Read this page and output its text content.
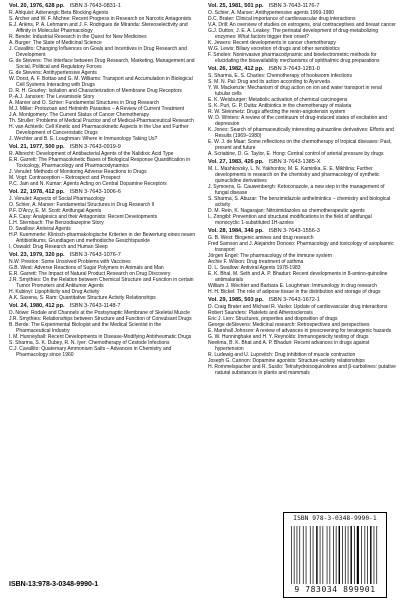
Vol. 20, 1976, 628 pp. ISBN 3-7643-0831-1
R. Ahlquist: Adrenergic Beta Blocking Agents
S. Archer and W. F. Michne: Recent Progress in Research on Narcotic Antagonists
E.J. Ariëns, P. A. Lehmann and J. F. Rodrigues de Miranda: Stereoselectivity and Affinity in Molecular Pharmacology
R. Bende: Industrial Research in the Quest for New Medicines
A. Burger: The State of Medicinal Science
J. Cavallito: Changing Influences on Goals and Incentives in Drug Research and Development
G. de Stevens: The Interface between Drug Research, Marketing, Management and Social, Political and Regulatory Forces
G. de Stevens: Antihypertensive Agents
W. Dorst, A. F. Bottao and G. M. Williams: Transport and Accumulation in Biological Cell Systems Interacting with Drugs
D. R. H. Gourley: Isolation and Characterization of Membrane Drug Receptors
P.-A.J. Janssen: The Levamisole Story
A. Marxer and O. Schier: Fundamental Structures in Drug Research
M.J. Miller: Protozoan and Helminth Parasites – A Review of Current Treatment
J.A. Montgomery: The Current Status of Cancer Chemotherapy
Th. Struller: Problems of Medical Practice and of Medical-Pharmaceutical Research
H. van Achterik: Cell Kinetic and Pharmacokinetic Aspects in the Use and Further Development of Cancerostatic Drugs
J. Wechter and B. E. Loughman: Where in Immunology Taking Us?
Vol. 21, 1977, 500 pp. ISBN 3-7643-0919-9
R. Albrecht: Development of Antibacterial Agents of the Nalidixic Acid Type
E.R. Garrett: The Pharmacokinetic Bases of Biological Response Quantification in Toxicology, Pharmacology and Pharmacodynamics
J. Venulet: Methods of Monitoring Adverse Reactions to Drugs
M. Vogt: Contraception – Retrospect and Prospect
P.C. Jain and N. Kumar: Agents Acting on Central Dopamine Receptors
Vol. 22, 1978, 412 pp. ISBN 3-7643-1006-6
J. Venulet: Aspects of Social Pharmacology
O. Schier, A. Marxer: Fundamental Structures in Drug Research II
P.F. D'Arcy, E. M. Scott: Antifungal Agents
A.F. Casy: Analgesics and their Antagonists: Recent Developments
L.H. Sternbach: The Benzodiazepine Story
D. Swallow: Antiviral Agents
H.P. Kuemmerle: Klinisch-pharmakologische Kriterien in der Bewertung eines neuen Antibiotikums. Grundlagen und methodische Gesichtspunkte
I. Oswald: Drug Research and Human Sleep
Vol. 23, 1979, 320 pp. ISBN 3-7643-1076-7
N.W. Preston: Some Unsolved Problems with Vaccines
G.B. West: Adverse Reactions of Sugar Polymers in Animals and Man
E.R. Garrett: The Impact of Natural Product Research on Drug Discovery
J.R. Smythies: On the Relation between Chemical Structure and Function in certain Tumor Promoters and Antitumor Agents
H. Kubinyi: Lipophilicity and Drug Activity
A.K. Saxena, S. Ram: Quantitative Structure Activity Relationships
Vol. 24, 1980, 412 pp. ISBN 3-7643-1148-7
D. Nowe: Rodale and Channels at the Postsynaptic Membrane of Skeletal Muscle
J.R. Smythies: Relationships between Structure and Function of Convulsant Drugs
B. Berde: The Experimental Biologist and the Medical Scientist in the Pharmaceutical Industry
I. M. Hunneyball: Recent Developments in Disease-Modifying Antirheumatic Drugs
S. Sharma, S. K. Dubey, R. N. Iyer: Chemotherapy of Cestode Infections
C.J. Cavallito: Quaternary Ammonium Salts – Advances in Chemistry and Pharmacology since 1960
Vol. 25, 1981, 501 pp. ISBN 3-7643-1176-7
O. Schier, A. Marxer: Antihypertensive agents 1969-1980
D.C. Brater: Clinical importance of cardiovascular drug interactions
V.A. Drill: An overview of studies on estrogens, oral contraceptives and breast cancer
G.J. Dutton, J. E. A. Leakey: The perinatal development of drug-metabolizing enzymes: What factors trigger their onset?
K. Jewers: Recent developments in cancer chemotherapy
W.G. Lewis: Biliary excretion of drugs and other xenobiotics
F. Smolen: Noninvasive pharmacodynamic and bioelectrometric methods for elucidating the bioavailability mechanisms of ophthalmic drug preparations
Vol. 26, 1982, 412 pp. ISBN 3-7643-1281-0
S. Sharma, E. S. Charles: Chemotherapy of hookworm infections
S. M. N. Pal: Drug and its action according to Ayurveda
Y. W. Mackenzie: Mechanism of drug action on ion and water transport in renal tubular cells
E. K. Weisburger: Metabolic activation of chemical carcinogens
S. K. Puri, G. P. Dutta: Antibiotics in the chemotherapy of malaria
R. W. Steinmetz: Drugs affecting the renin-angiotensin system
W. D. Winters: A review of the continuum of drug-induced states of excitation and depression
K. Jones: Search of pharmaceutically interesting quinazoline derivatives: Efforts and Results (1969–1980)
E. W. J. de Maar: Some reflections on the chemotherapy of tropical diseases: Past, present and future
A. Scriabine, D. G. Taylor, E. Hong: Central control of arterial pressure by drugs
Vol. 27, 1983, 426 pp. ISBN 3-7643-1385-X
M. L. Mashkovsky, L. N. Yakhontov, M. E. Kaminka, E. E. Mikhlina: Further developments in research on the chemistry and pharmacology of synthetic quinuclidine derivatives
J. Symoens, G. Cauwenbergh: Ketoconazole, a new step in the management of fungal disease
S. Sharma, S. Abuzar: The benzimidazole anthelmintics – chemistry and biological activity
D. M. Rein, K. Nagarajan: Nitroimidazoles as chemotherapeutic agents
L. Zirngibl: Prevention and structural modifications in the field of antifungal monocyclic 1-substituted 1H-azoles
Vol. 28, 1984, 346 pp. ISBN 3-7643-1556-3
G. B. West: Biogenic amines and drug research
Fred Samson and J. Alejandro Donoso: Pharmacology and toxicology of axoplasmic transport
Jörgen Engel: The pharmacology of the immune system
Archie F. Wilson: Drug treatment of asthma
D. L. Swallow: Antiviral Agents 1978-1983
E. K. Bhal, M. Seth and A. P. Bhaduri: Recent developments in 8-amino-quinoline antimalarials
William J. Wechter and Barbara E. Loughman: Immunology in drug research
H. H. Bickel: The role of adipose tissue in the distribution and storage of drugs
Vol. 29, 1985, 503 pp. ISBN 3-7643-1672-1
D. Craig Brater and Michael R. Vasko: Update of cardiovascular drug interactions
Robert Saunders: Platelets and Atherosclerosis
Eric J. Lien: Structures, properties and disposition of drugs
George deStevens: Medicinal research: Retrospectives and perspectives
E. Marshall Johnson: A review of advances in prescreening for teratogenic hazards
G. W. Hunninghake and H. Y. Reynolds: Immunogenicity testing of drugs
Neelima, B. K. Bhat and A. P. Bhaduri: Recent advances in drugs against hypertension
R. Ludewig and U. Lupovitch: Drug inhibition of muscle contraction
Joseph G. Cannon: Dopamine agonists: Structure-activity relationships
H. Rommelspacher and R. Susilo: Tetrahydroisoquinolines and β-carbolines: putative natural substances in plants and mammals
ISBN-13:978-3-0348-9990-1
ISBN 978-3-0348-9990-1
9 783034 899901
